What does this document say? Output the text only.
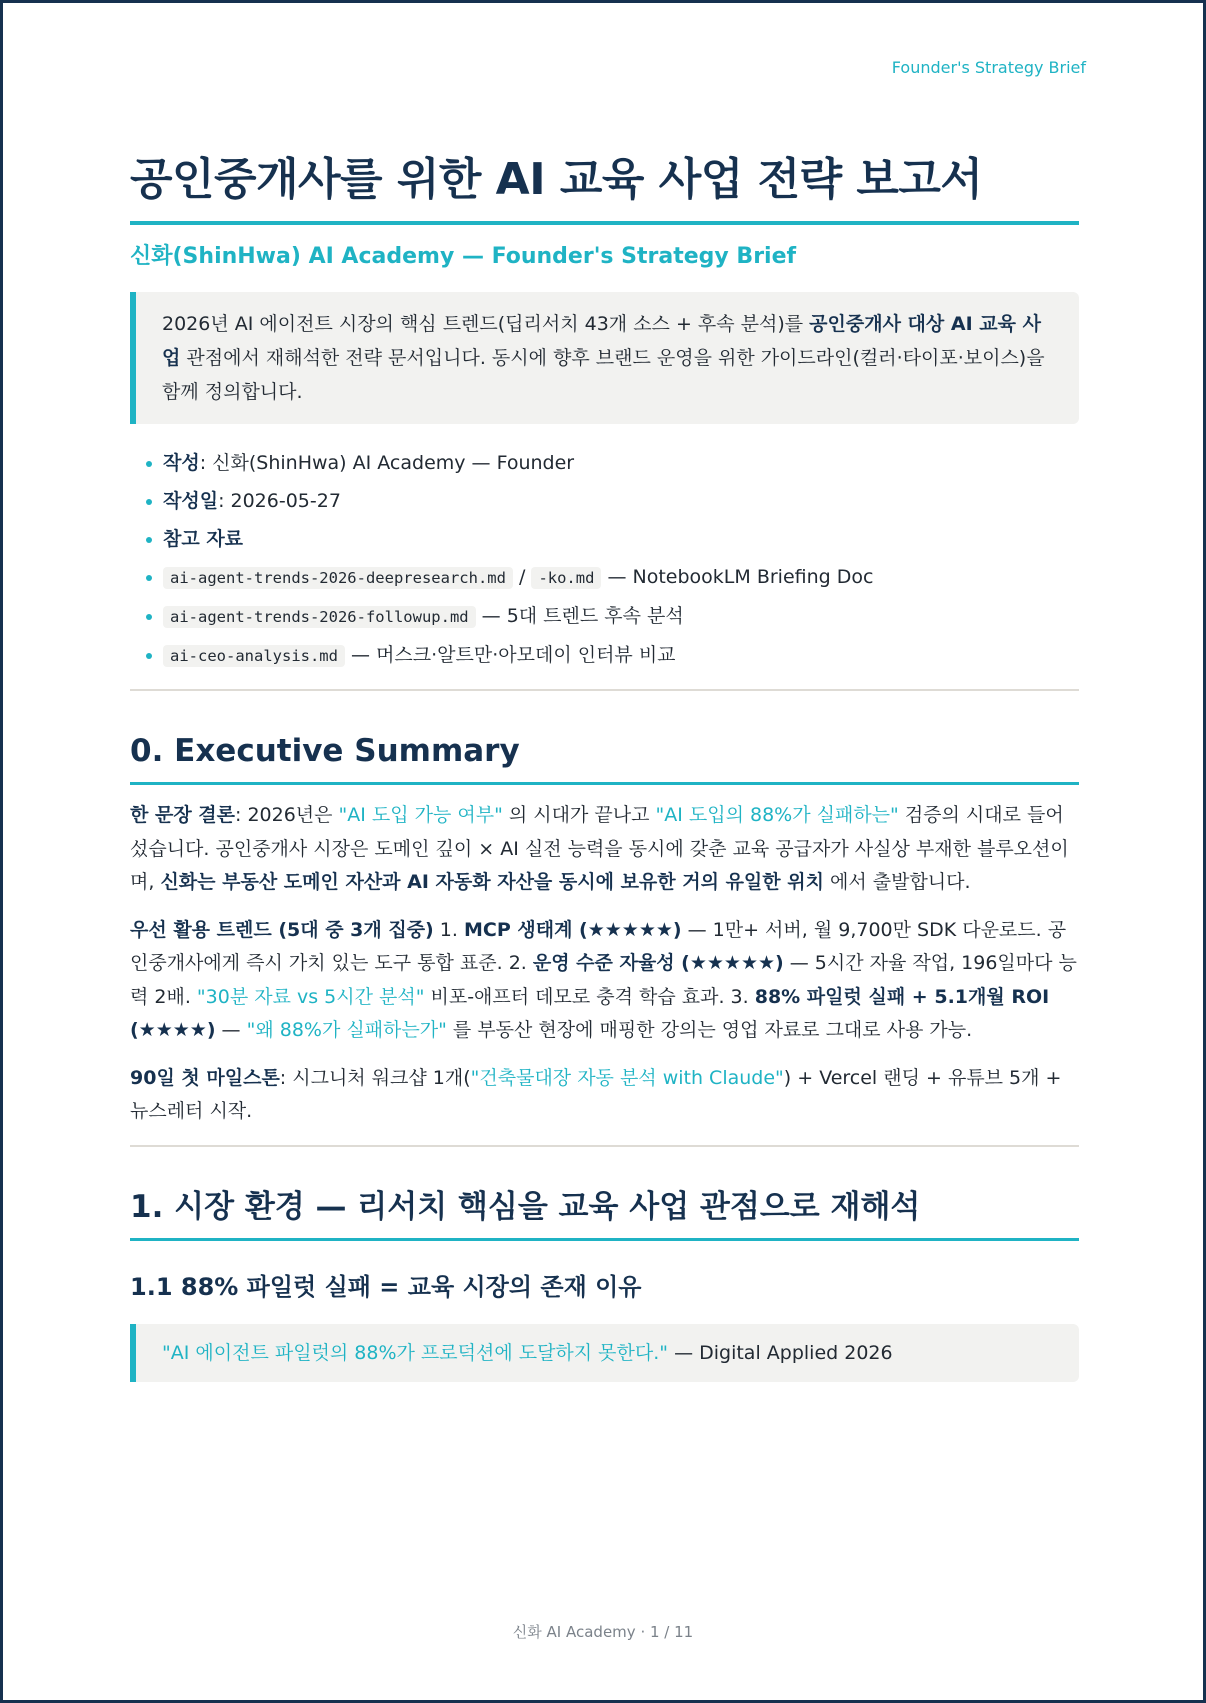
Founder's Strategy Brief
공인중개사를 위한 AI 교육 사업 전략 보고서
신화(ShinHwa) AI Academy — Founder's Strategy Brief
2026년 AI 에이전트 시장의 핵심 트렌드(딥리서치 43개 소스 + 후속 분석)를 공인중개사 대상 AI 교육 사업 관점에서 재해석한 전략 문서입니다. 동시에 향후 브랜드 운영을 위한 가이드라인(컬러·타이포·보이스)을 함께 정의합니다.
작성: 신화(ShinHwa) AI Academy — Founder
작성일: 2026-05-27
참고 자료
ai-agent-trends-2026-deepresearch.md / -ko.md — NotebookLM Briefing Doc
ai-agent-trends-2026-followup.md — 5대 트렌드 후속 분석
ai-ceo-analysis.md — 머스크·알트만·아모데이 인터뷰 비교
0. Executive Summary

한 문장 결론: 2026년은 "AI 도입 가능 여부" 의 시대가 끝나고 "AI 도입의 88%가 실패하는" 검증의 시대로 들어섰습니다. 공인중개사 시장은 도메인 깊이 × AI 실전 능력을 동시에 갖춘 교육 공급자가 사실상 부재한 블루오션이며, 신화는 부동산 도메인 자산과 AI 자동화 자산을 동시에 보유한 거의 유일한 위치 에서 출발합니다.

우선 활용 트렌드 (5대 중 3개 집중) 1. MCP 생태계 (★★★★★) — 1만+ 서버, 월 9,700만 SDK 다운로드. 공인중개사에게 즉시 가치 있는 도구 통합 표준. 2. 운영 수준 자율성 (★★★★★) — 5시간 자율 작업, 196일마다 능력 2배. "30분 자료 vs 5시간 분석" 비포-애프터 데모로 충격 학습 효과. 3. 88% 파일럿 실패 + 5.1개월 ROI (★★★★) — "왜 88%가 실패하는가" 를 부동산 현장에 매핑한 강의는 영업 자료로 그대로 사용 가능.

90일 첫 마일스톤: 시그니처 워크샵 1개("건축물대장 자동 분석 with Claude") + Vercel 랜딩 + 유튜브 5개 + 뉴스레터 시작.

1. 시장 환경 — 리서치 핵심을 교육 사업 관점으로 재해석
1.1 88% 파일럿 실패 = 교육 시장의 존재 이유
"AI 에이전트 파일럿의 88%가 프로덕션에 도달하지 못한다." — Digital Applied 2026
신화 AI Academy · 1 / 11
